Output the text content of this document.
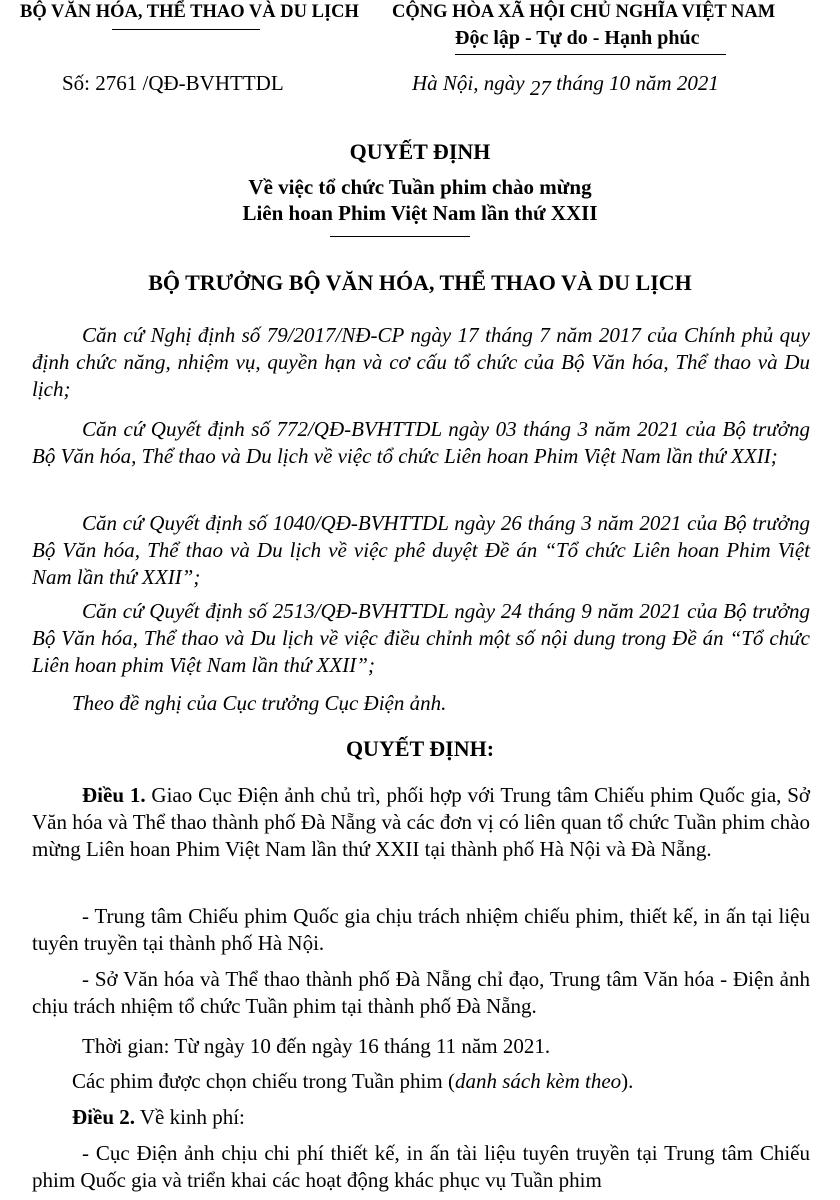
BỘ VĂN HÓA, THỂ THAO VÀ DU LỊCH CỘNG HÒA XÃ HỘI CHỦ NGHĨA VIỆT NAM
Độc lập - Tự do - Hạnh phúc
Số: 2761 /QĐ-BVHTTDL	Hà Nội, ngày 27 tháng 10 năm 2021
QUYẾT ĐỊNH
Về việc tổ chức Tuần phim chào mừng
Liên hoan Phim Việt Nam lần thứ XXII
BỘ TRƯỞNG BỘ VĂN HÓA, THỂ THAO VÀ DU LỊCH
Căn cứ Nghị định số 79/2017/NĐ-CP ngày 17 tháng 7 năm 2017 của Chính phủ quy định chức năng, nhiệm vụ, quyền hạn và cơ cấu tổ chức của Bộ Văn hóa, Thể thao và Du lịch;
Căn cứ Quyết định số 772/QĐ-BVHTTDL ngày 03 tháng 3 năm 2021 của Bộ trưởng Bộ Văn hóa, Thể thao và Du lịch về việc tổ chức Liên hoan Phim Việt Nam lần thứ XXII;
Căn cứ Quyết định số 1040/QĐ-BVHTTDL ngày 26 tháng 3 năm 2021 của Bộ trưởng Bộ Văn hóa, Thể thao và Du lịch về việc phê duyệt Đề án “Tổ chức Liên hoan Phim Việt Nam lần thứ XXII”;
Căn cứ Quyết định số 2513/QĐ-BVHTTDL ngày 24 tháng 9 năm 2021 của Bộ trưởng Bộ Văn hóa, Thể thao và Du lịch về việc điều chỉnh một số nội dung trong Đề án “Tổ chức Liên hoan phim Việt Nam lần thứ XXII”;
Theo đề nghị của Cục trưởng Cục Điện ảnh.
QUYẾT ĐỊNH:
Điều 1. Giao Cục Điện ảnh chủ trì, phối hợp với Trung tâm Chiếu phim Quốc gia, Sở Văn hóa và Thể thao thành phố Đà Nẵng và các đơn vị có liên quan tổ chức Tuần phim chào mừng Liên hoan Phim Việt Nam lần thứ XXII tại thành phố Hà Nội và Đà Nẵng.
- Trung tâm Chiếu phim Quốc gia chịu trách nhiệm chiếu phim, thiết kế, in ấn tại liệu tuyên truyền tại thành phố Hà Nội.
- Sở Văn hóa và Thể thao thành phố Đà Nẵng chỉ đạo, Trung tâm Văn hóa - Điện ảnh chịu trách nhiệm tổ chức Tuần phim tại thành phố Đà Nẵng.
Thời gian: Từ ngày 10 đến ngày 16 tháng 11 năm 2021.
Các phim được chọn chiếu trong Tuần phim (danh sách kèm theo).
Điều 2. Về kinh phí:
- Cục Điện ảnh chịu chi phí thiết kế, in ấn tài liệu tuyên truyền tại Trung tâm Chiếu phim Quốc gia và triển khai các hoạt động khác phục vụ Tuần phim
